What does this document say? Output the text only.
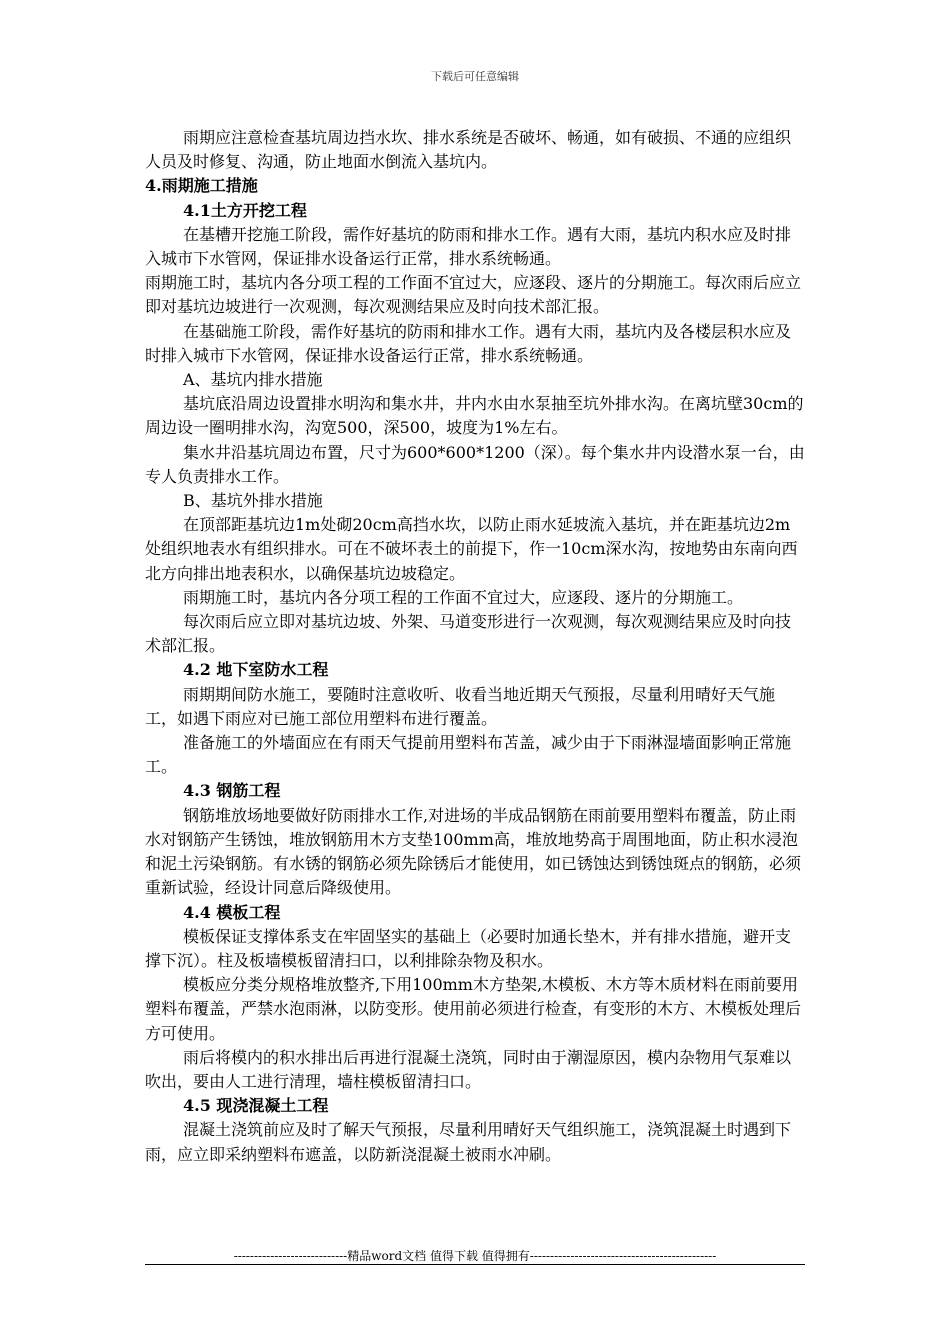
下载后可任意编辑

雨期应注意检查基坑周边挡水坎、排水系统是否破坏、畅通，如有破损、不通的应组织人员及时修复、沟通，防止地面水倒流入基坑内。

4.雨期施工措施

4.1土方开挖工程

在基槽开挖施工阶段，需作好基坑的防雨和排水工作。遇有大雨，基坑内积水应及时排入城市下水管网，保证排水设备运行正常，排水系统畅通。

雨期施工时，基坑内各分项工程的工作面不宜过大，应逐段、逐片的分期施工。每次雨后应立即对基坑边坡进行一次观测，每次观测结果应及时向技术部汇报。

在基础施工阶段，需作好基坑的防雨和排水工作。遇有大雨，基坑内及各楼层积水应及时排入城市下水管网，保证排水设备运行正常，排水系统畅通。

A、基坑内排水措施

基坑底沿周边设置排水明沟和集水井，井内水由水泵抽至坑外排水沟。在离坑壁30cm的周边设一圈明排水沟，沟宽500，深500，坡度为1%左右。

集水井沿基坑周边布置，尺寸为600*600*1200（深）。每个集水井内设潜水泵一台，由专人负责排水工作。

B、基坑外排水措施

在顶部距基坑边1m处砌20cm高挡水坎，以防止雨水延坡流入基坑，并在距基坑边2m处组织地表水有组织排水。可在不破坏表土的前提下，作一10cm深水沟，按地势由东南向西北方向排出地表积水，以确保基坑边坡稳定。

雨期施工时，基坑内各分项工程的工作面不宜过大，应逐段、逐片的分期施工。

每次雨后应立即对基坑边坡、外架、马道变形进行一次观测，每次观测结果应及时向技术部汇报。

4.2 地下室防水工程

雨期期间防水施工，要随时注意收听、收看当地近期天气预报，尽量利用晴好天气施工，如遇下雨应对已施工部位用塑料布进行覆盖。

准备施工的外墙面应在有雨天气提前用塑料布苫盖，减少由于下雨淋湿墙面影响正常施工。

4.3 钢筋工程

钢筋堆放场地要做好防雨排水工作,对进场的半成品钢筋在雨前要用塑料布覆盖，防止雨水对钢筋产生锈蚀，堆放钢筋用木方支垫100mm高，堆放地势高于周围地面，防止积水浸泡和泥土污染钢筋。有水锈的钢筋必须先除锈后才能使用，如已锈蚀达到锈蚀斑点的钢筋，必须重新试验，经设计同意后降级使用。

4.4 模板工程

模板保证支撑体系支在牢固坚实的基础上（必要时加通长垫木，并有排水措施，避开支撑下沉）。柱及板墙模板留清扫口，以利排除杂物及积水。

模板应分类分规格堆放整齐,下用100mm木方垫架,木模板、木方等木质材料在雨前要用塑料布覆盖，严禁水泡雨淋，以防变形。使用前必须进行检查，有变形的木方、木模板处理后方可使用。

雨后将模内的积水排出后再进行混凝土浇筑，同时由于潮湿原因，模内杂物用气泵难以吹出，要由人工进行清理，墙柱模板留清扫口。

4.5 现浇混凝土工程

混凝土浇筑前应及时了解天气预报，尽量利用晴好天气组织施工，浇筑混凝土时遇到下雨，应立即采纳塑料布遮盖，以防新浇混凝土被雨水冲刷。

----------------------------精品word文档 值得下载 值得拥有----------------------------------------------
